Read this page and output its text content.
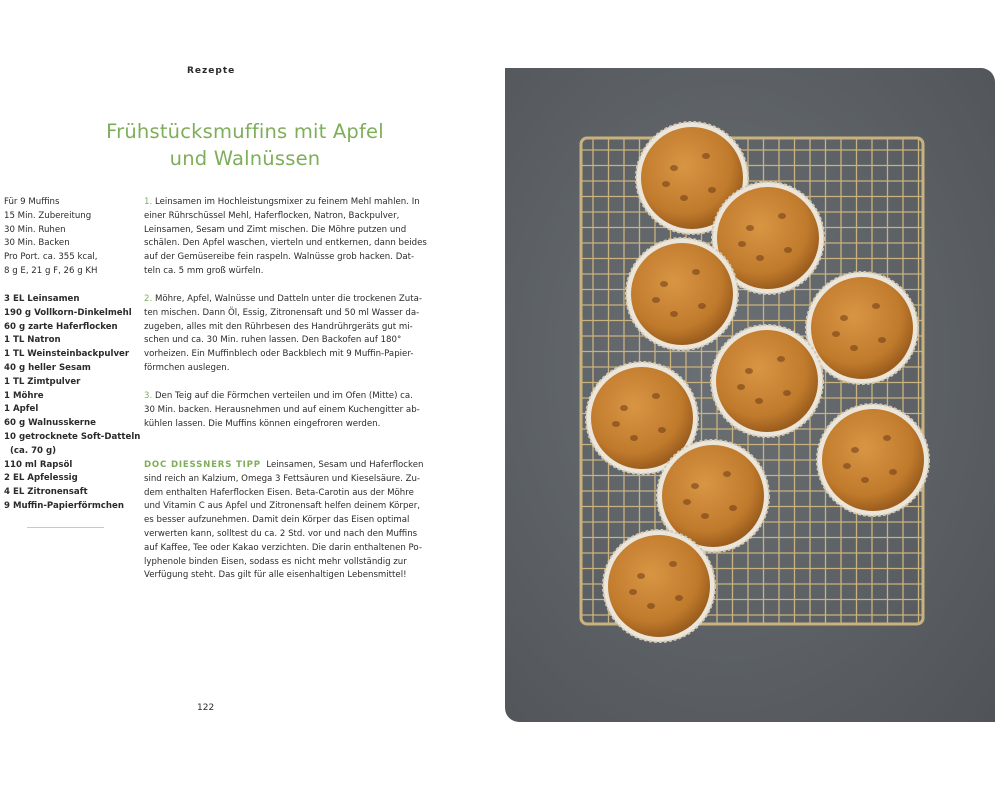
Rezepte
Frühstücksmuffins mit Apfel
und Walnüssen
Für 9 Muffins
15 Min. Zubereitung
30 Min. Ruhen
30 Min. Backen
Pro Port. ca. 355 kcal,
8 g E, 21 g F, 26 g KH
3 EL Leinsamen
190 g Vollkorn-Dinkelmehl
60 g zarte Haferflocken
1 TL Natron
1 TL Weinsteinbackpulver
40 g heller Sesam
1 TL Zimtpulver
1 Möhre
1 Apfel
60 g Walnusskerne
10 getrocknete Soft-Datteln
(ca. 70 g)
110 ml Rapsöl
2 EL Apfelessig
4 EL Zitronensaft
9 Muffin-Papierförmchen
1. Leinsamen im Hochleistungsmixer zu feinem Mehl mahlen. In
einer Rührschüssel Mehl, Haferflocken, Natron, Backpulver,
Leinsamen, Sesam und Zimt mischen. Die Möhre putzen und
schälen. Den Apfel waschen, vierteln und entkernen, dann beides
auf der Gemüsereibe fein raspeln. Walnüsse grob hacken. Dat-
teln ca. 5 mm groß würfeln.
2. Möhre, Apfel, Walnüsse und Datteln unter die trockenen Zuta-
ten mischen. Dann Öl, Essig, Zitronensaft und 50 ml Wasser da-
zugeben, alles mit den Rührbesen des Handrührgeräts gut mi-
schen und ca. 30 Min. ruhen lassen. Den Backofen auf 180°
vorheizen. Ein Muffinblech oder Backblech mit 9 Muffin-Papier-
förmchen auslegen.
3. Den Teig auf die Förmchen verteilen und im Ofen (Mitte) ca.
30 Min. backen. Herausnehmen und auf einem Kuchengitter ab-
kühlen lassen. Die Muffins können eingefroren werden.
DOC DIESSNERS TIPP Leinsamen, Sesam und Haferflocken
sind reich an Kalzium, Omega 3 Fettsäuren und Kieselsäure. Zu-
dem enthalten Haferflocken Eisen. Beta-Carotin aus der Möhre
und Vitamin C aus Apfel und Zitronensaft helfen deinem Körper,
es besser aufzunehmen. Damit dein Körper das Eisen optimal
verwerten kann, solltest du ca. 2 Std. vor und nach den Muffins
auf Kaffee, Tee oder Kakao verzichten. Die darin enthaltenen Po-
lyphenole binden Eisen, sodass es nicht mehr vollständig zur
Verfügung steht. Das gilt für alle eisenhaltigen Lebensmittel!
122
